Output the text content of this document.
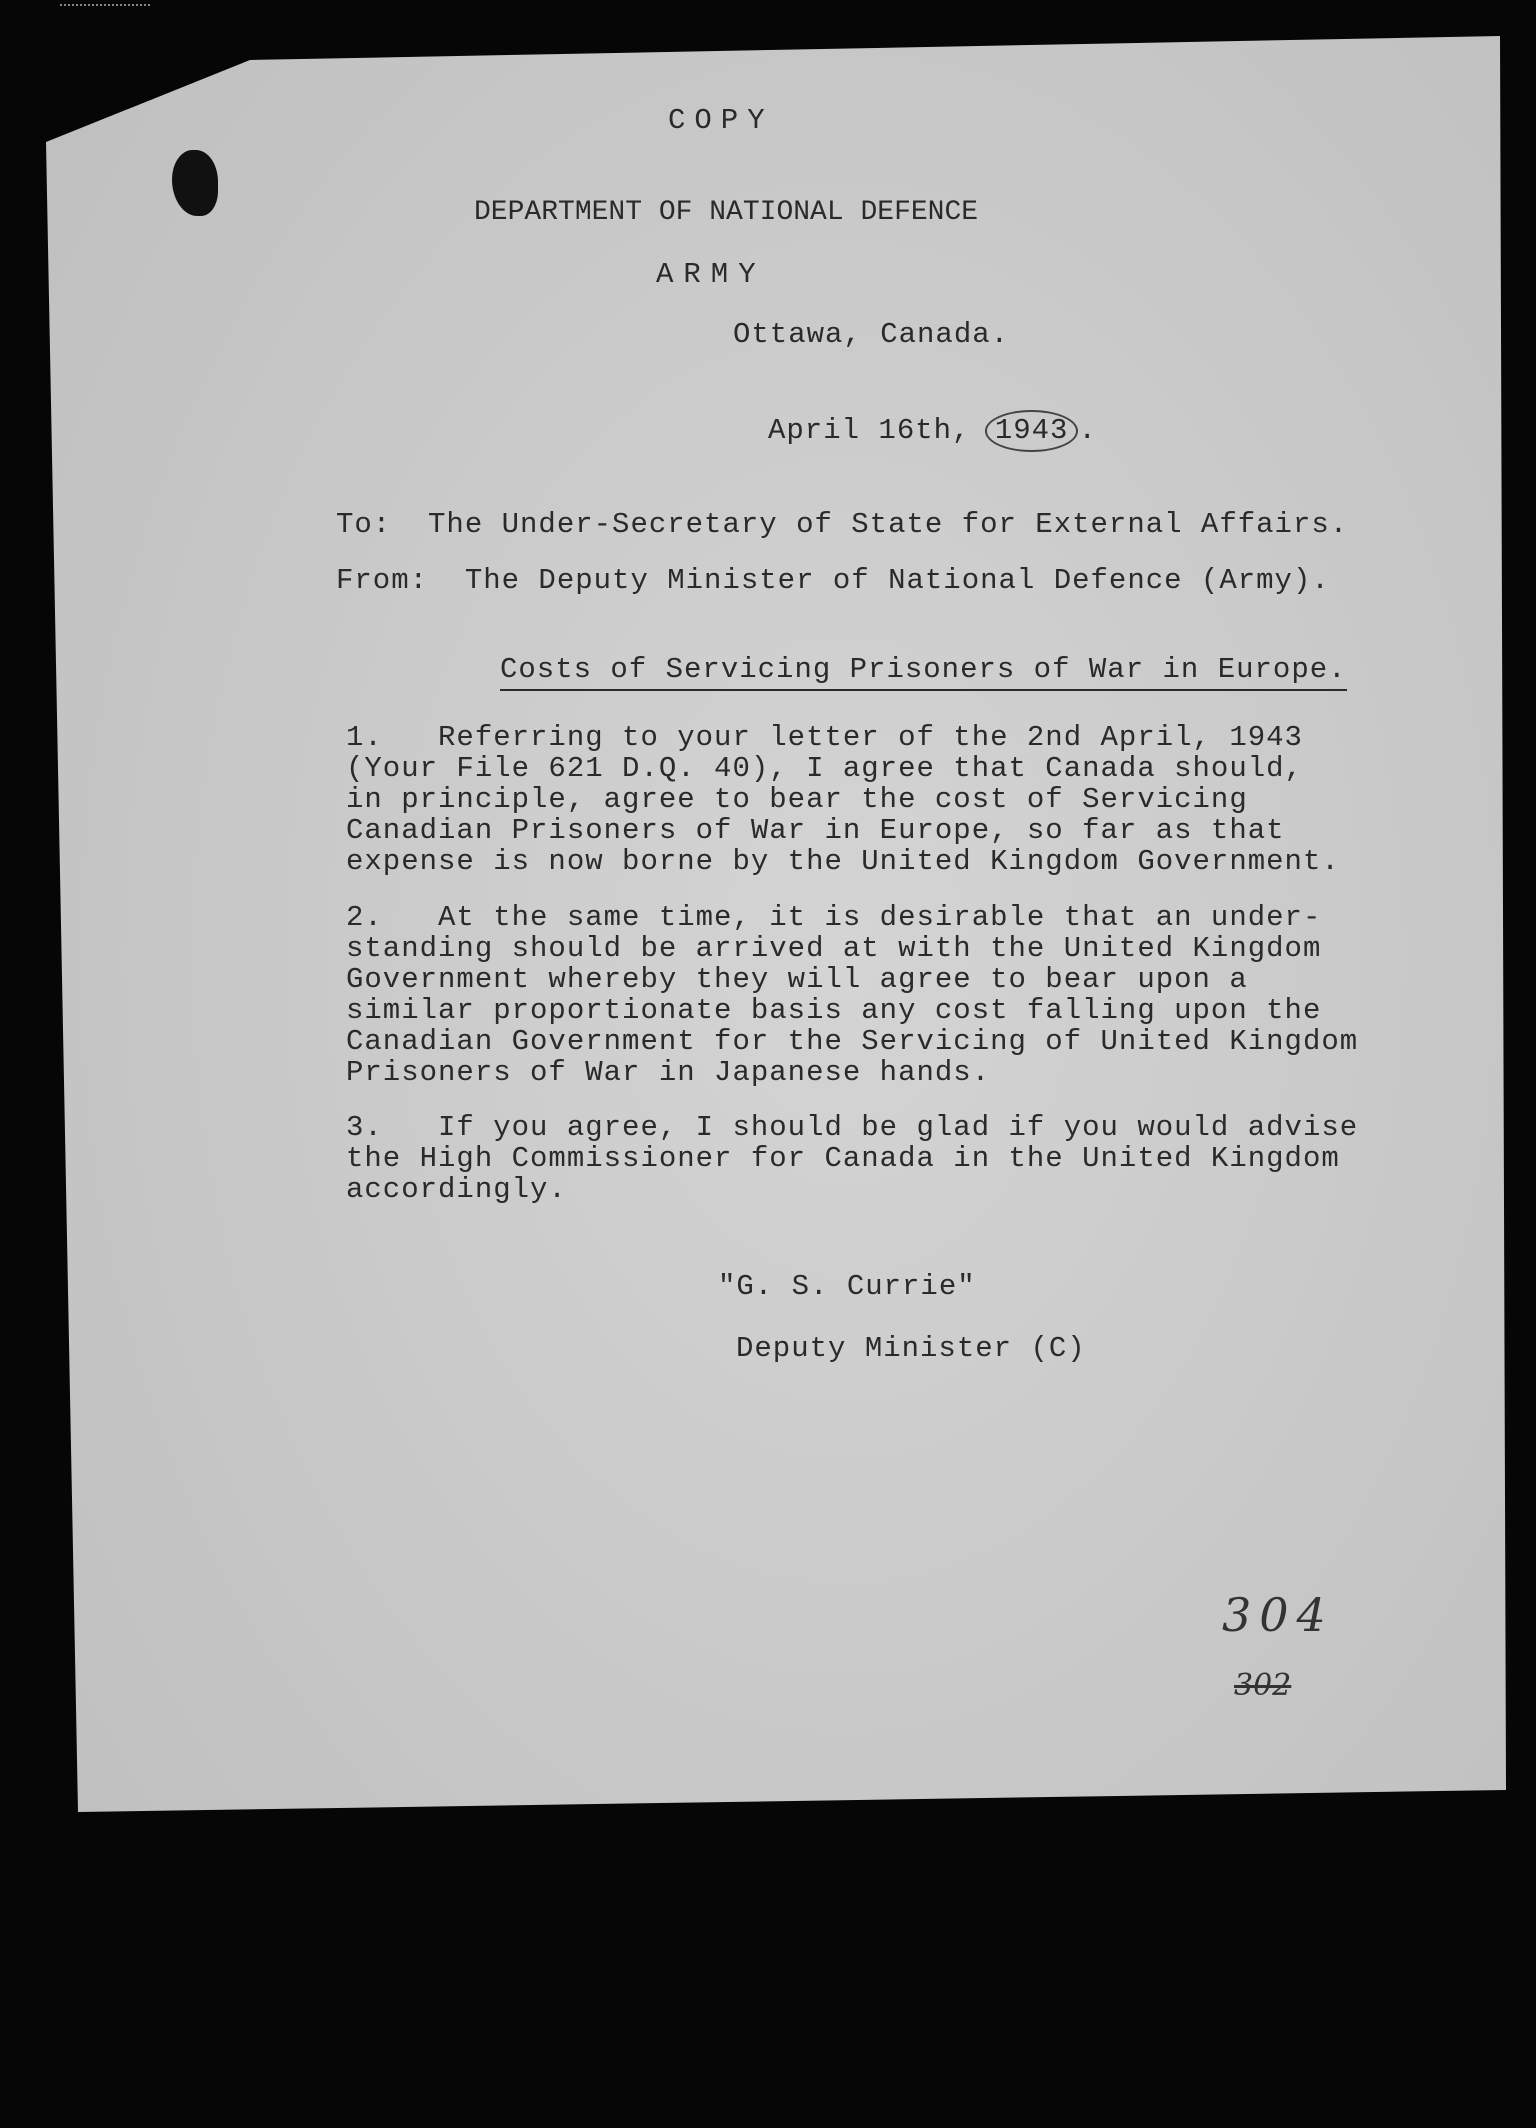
COPY
DEPARTMENT OF NATIONAL DEFENCE
ARMY
Ottawa, Canada.
April 16th, 1943 .
To:  The Under-Secretary of State for External Affairs.
From:  The Deputy Minister of National Defence (Army).
Costs of Servicing Prisoners of War in Europe.
1.   Referring to your letter of the 2nd April, 1943
(Your File 621 D.Q. 40), I agree that Canada should,
in principle, agree to bear the cost of Servicing
Canadian Prisoners of War in Europe, so far as that
expense is now borne by the United Kingdom Government.
2.   At the same time, it is desirable that an under-
standing should be arrived at with the United Kingdom
Government whereby they will agree to bear upon a
similar proportionate basis any cost falling upon the
Canadian Government for the Servicing of United Kingdom
Prisoners of War in Japanese hands.
3.   If you agree, I should be glad if you would advise
the High Commissioner for Canada in the United Kingdom
accordingly.
"G. S. Currie"
Deputy Minister (C)
304
302
